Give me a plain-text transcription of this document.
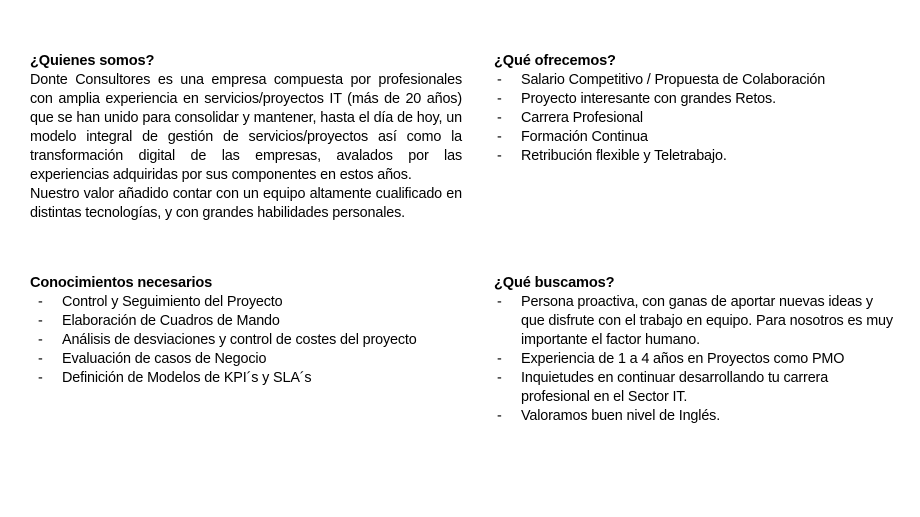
¿Quienes somos?
Donte Consultores es una empresa compuesta por profesionales con amplia experiencia en servicios/proyectos IT (más de 20 años) que se han unido para consolidar y mantener, hasta el día de hoy, un modelo integral de gestión de servicios/proyectos así como la transformación digital de las empresas, avalados por las experiencias adquiridas por sus componentes en estos años.
Nuestro valor añadido contar con un equipo altamente cualificado en distintas tecnologías, y con grandes habilidades personales.
¿Qué ofrecemos?
-	Salario Competitivo / Propuesta de Colaboración
-	Proyecto interesante con grandes Retos.
-	Carrera Profesional
-	Formación Continua
-	Retribución flexible y Teletrabajo.
Conocimientos necesarios
-	Control y Seguimiento del Proyecto
-	Elaboración de Cuadros de Mando
-	Análisis de desviaciones y control de costes del proyecto
-	Evaluación de casos de Negocio
-	Definición de Modelos de KPI´s y SLA´s
¿Qué buscamos?
-	Persona proactiva, con ganas de aportar nuevas ideas y que disfrute con el trabajo en equipo. Para nosotros es muy importante el factor humano.
-	Experiencia de 1 a 4 años en Proyectos como PMO
-	Inquietudes en continuar desarrollando tu carrera profesional en el Sector IT.
-	Valoramos buen nivel de Inglés.
